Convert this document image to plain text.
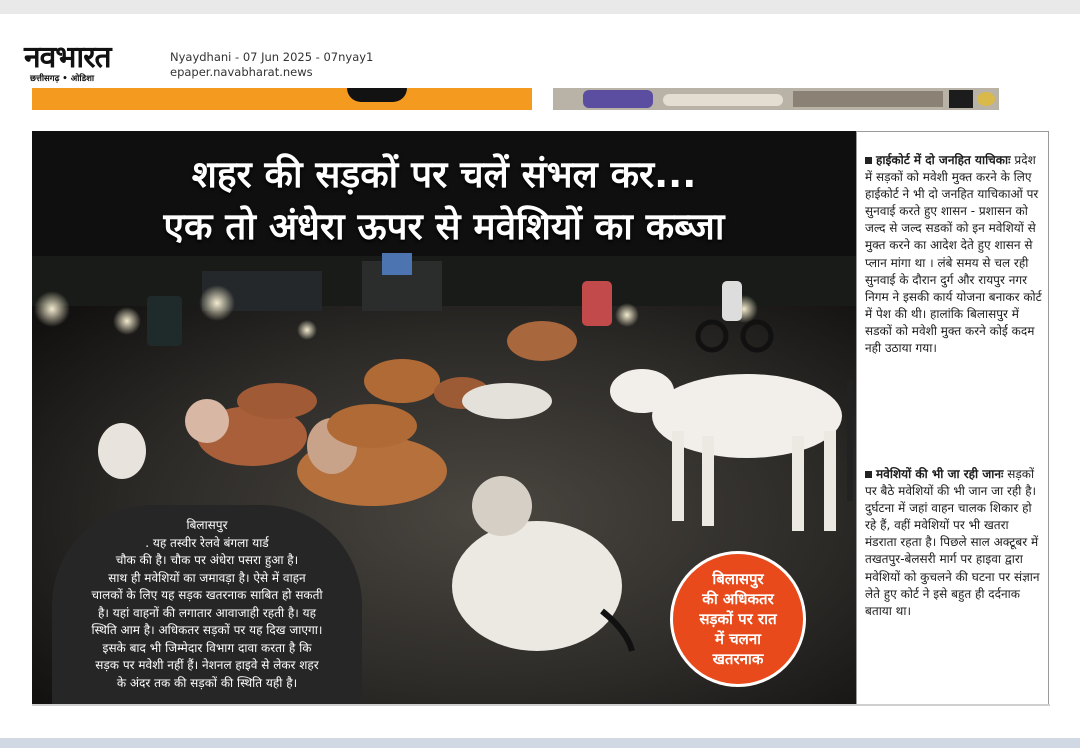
नवभारत
छत्तीसगढ़ • ओडिशा
Nyaydhani - 07 Jun 2025 - 07nyay1
epaper.navabharat.news
शहर की सड़कों पर चलें संभल कर...
एक तो अंधेरा ऊपर से मवेशियों का कब्जा
बिलासपुर
. यह तस्वीर रेलवे बंगला यार्ड
चौक की है। चौक पर अंधेरा पसरा हुआ है।
साथ ही मवेशियों का जमावड़ा है। ऐसे में वाहन
चालकों के लिए यह सड़क खतरनाक साबित हो सकती
है। यहां वाहनों की लगातार आवाजाही रहती है। यह
स्थिति आम है। अधिकतर सड़कों पर यह दिख जाएगा।
इसके बाद भी जिम्मेदार विभाग दावा करता है कि
सड़क पर मवेशी नहीं हैं। नेशनल हाइवे से लेकर शहर
के अंदर तक की सड़कों की स्थिति यही है।
बिलासपुर
की अधिकतर
सड़कों पर रात
में चलना
खतरनाक
हाईकोर्ट में दो जनहित याचिकाः प्रदेश में सड़कों को मवेशी मुक्त करने के लिए हाईकोर्ट ने भी दो जनहित याचिकाओं पर सुनवाई करते हुए शासन - प्रशासन को जल्द से जल्द सडकों को इन मवेशियों से मुक्त करने का आदेश देते हुए शासन से प्लान मांगा था । लंबे समय से चल रही सुनवाई के दौरान दुर्ग और रायपुर नगर निगम ने इसकी कार्य योजना बनाकर कोर्ट में पेश की थी। हालांकि बिलासपुर में सडकों को मवेशी मुक्त करने कोई कदम नही उठाया गया।
मवेशियों की भी जा रही जानः सड़कों पर बैठे मवेशियों की भी जान जा रही है। दुर्घटना में जहां वाहन चालक शिकार हो रहे हैं, वहीं मवेशियों पर भी खतरा मंडराता रहता है। पिछले साल अक्टूबर में तखतपुर-बेलसरी मार्ग पर हाइवा द्वारा मवेशियों को कुचलने की घटना पर संज्ञान लेते हुए कोर्ट ने इसे बहुत ही दर्दनाक बताया था।
